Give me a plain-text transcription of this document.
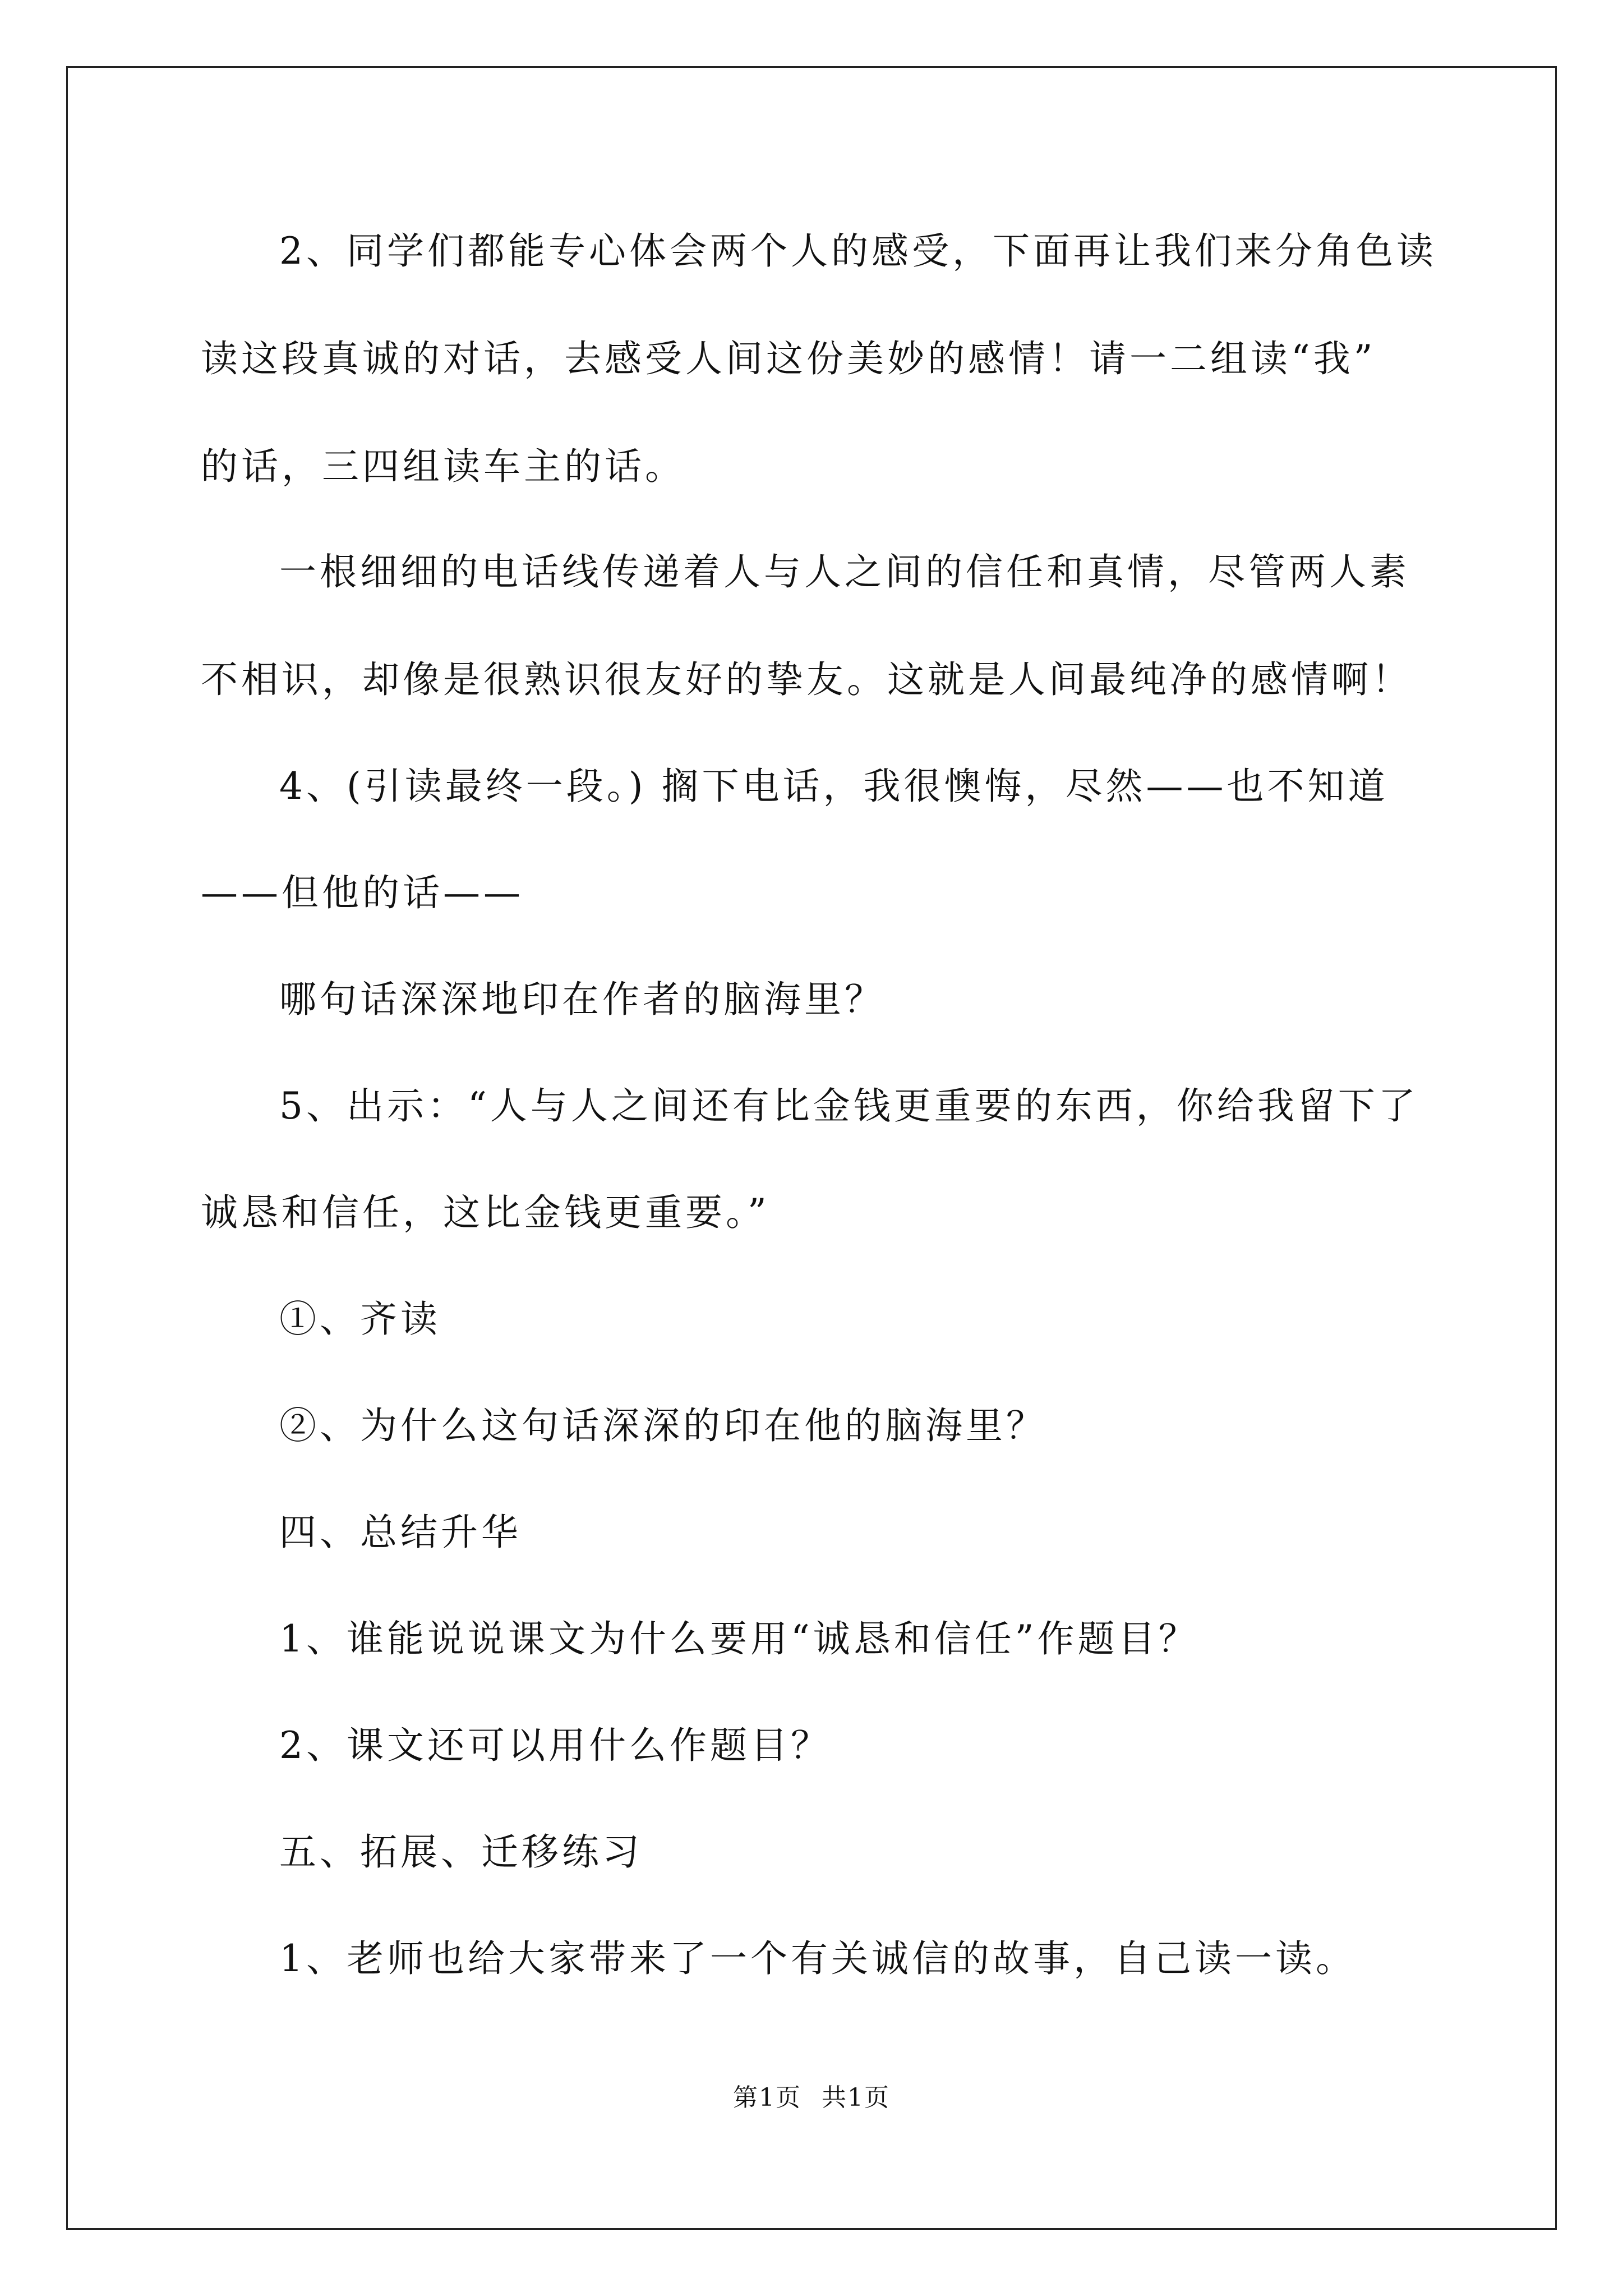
2、同学们都能专心体会两个人的感受，下面再让我们来分角色读
读这段真诚的对话，去感受人间这份美妙的感情！请一二组读“我”
的话，三四组读车主的话。
一根细细的电话线传递着人与人之间的信任和真情，尽管两人素
不相识，却像是很熟识很友好的挚友。这就是人间最纯净的感情啊！
4、(引读最终一段。) 搁下电话，我很懊悔，尽然——也不知道
——但他的话——
哪句话深深地印在作者的脑海里？
5、出示：“人与人之间还有比金钱更重要的东西，你给我留下了
诚恳和信任，这比金钱更重要。”
①、齐读
②、为什么这句话深深的印在他的脑海里？
四、总结升华
1、谁能说说课文为什么要用“诚恳和信任”作题目？
2、课文还可以用什么作题目？
五、拓展、迁移练习
1、老师也给大家带来了一个有关诚信的故事，自己读一读。
第1页 共1页
